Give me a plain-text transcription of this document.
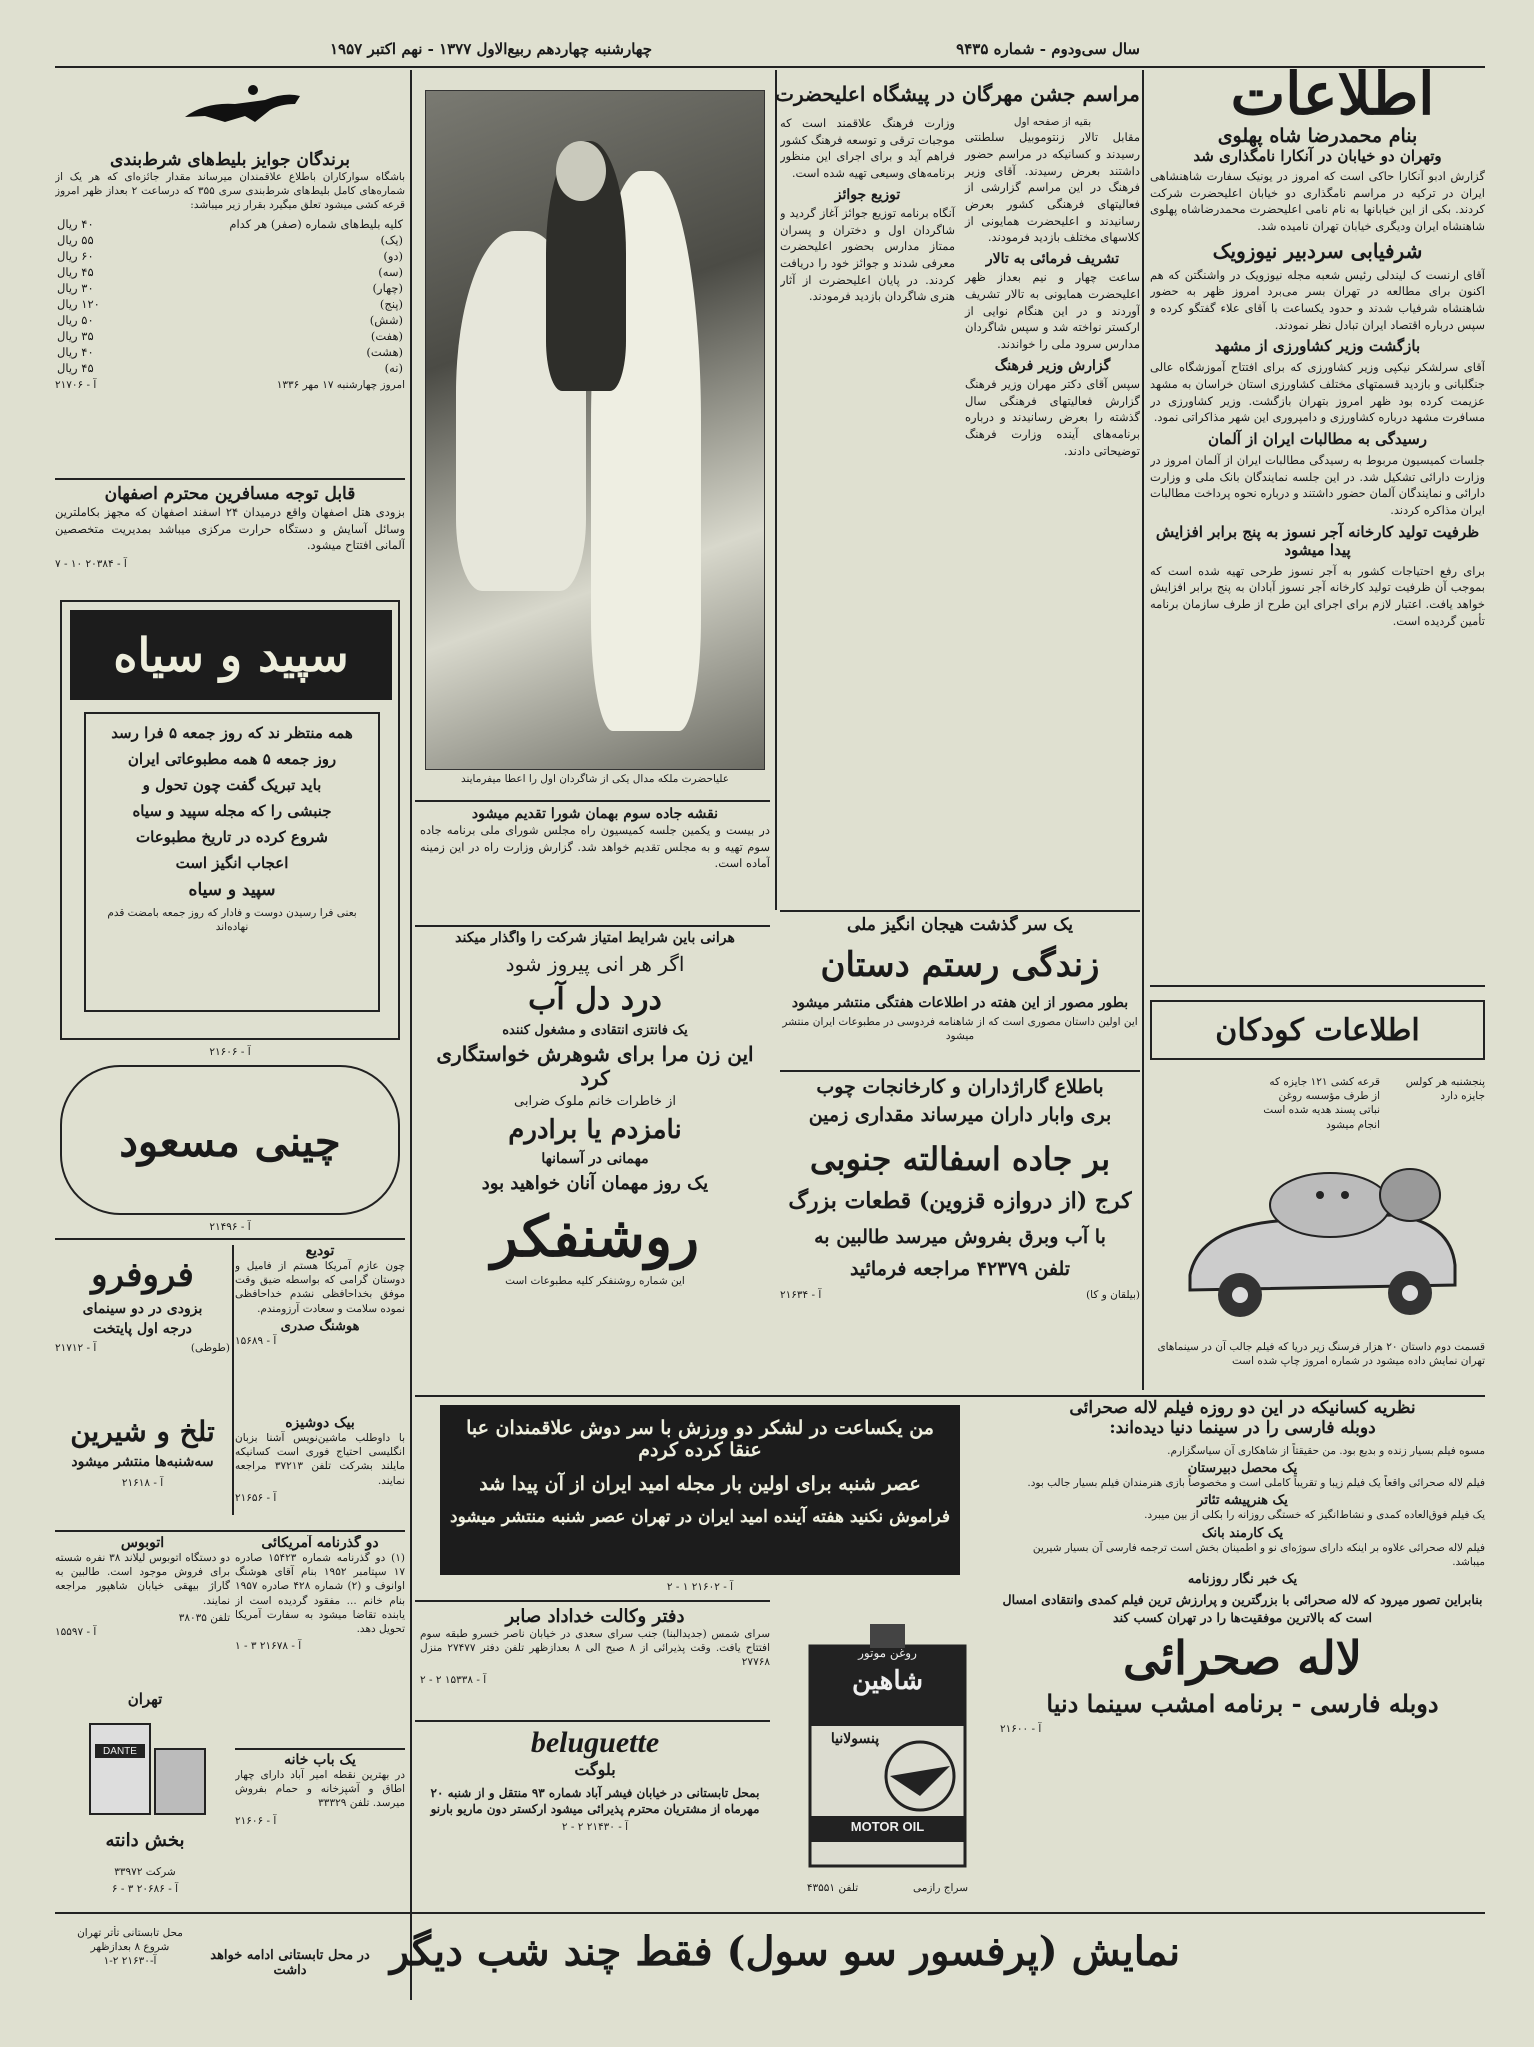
چهارشنبه چهاردهم ربیع‌الاول ۱۳۷۷ - نهم اکتبر ۱۹۵۷	سال سی‌ودوم - شماره ۹۴۳۵
اطلاعات
بنام محمدرضا شاه پهلوی
وتهران دو خیابان در آنکارا نامگذاری شد

گزارش ادبو آنکارا حاکی است که امروز در یونیک سفارت شاهنشاهی ایران در ترکیه در مراسم نامگذاری دو خیابان اعلیحضرت شرکت کردند. بکی از این خیابانها به نام نامی اعلیحضرت محمدرضاشاه پهلوی شاهنشاه ایران ودیگری خیابان تهران نامیده شد.

شرفیابی سردبیر نیوزویک

آقای ارنست ک لیندلی رئیس شعبه مجله نیوزویک در واشنگتن که هم‌ اکنون برای مطالعه در تهران بسر می‌برد امروز ظهر به حضور شاهنشاه شرفیاب شدند و حدود یکساعت با آقای علاء گفتگو کرده و سپس درباره اقتصاد ایران تبادل نظر نمودند.

بازگشت وزیر کشاورزی از مشهد

آقای سرلشکر نیکپی وزیر کشاورزی که برای افتتاح آموزشگاه عالی جنگلبانی و بازدید قسمتهای مختلف کشاورزی استان خراسان به مشهد عزیمت کرده بود ظهر امروز بتهران بازگشت. وزیر کشاورزی در مسافرت مشهد درباره کشاورزی و دامپروری این شهر مذاکراتی نمود.

رسیدگی به مطالبات ایران از آلمان

جلسات کمیسیون مربوط به رسیدگی مطالبات ایران از آلمان امروز در وزارت دارائی تشکیل شد. در این جلسه نمایندگان بانک ملی و وزارت دارائی و نمایندگان آلمان حضور داشتند و درباره نحوه پرداخت مطالبات ایران مذاکره کردند.

ظرفیت تولید کارخانه آجر نسوز به پنج برابر افزایش پیدا میشود

برای رفع احتیاجات کشور به آجر نسوز طرحی تهیه شده است که بموجب آن ظرفیت تولید کارخانه آجر نسوز آبادان به پنج برابر افزایش خواهد یافت. اعتبار لازم برای اجرای این طرح از طرف سازمان برنامه تأمین گردیده است.

اطلاعات کودکان
قرعه کشی ۱۲۱ جایزه که از طرف مؤسسه روغن نباتی پسند هدیه شده است انجام میشود
پنجشنبه هر کولس جایزه دارد
قسمت دوم داستان ۲۰ هزار فرسنگ زیر دریا که فیلم جالب آن در سینماهای تهران نمایش داده میشود در شماره امروز چاپ شده است
علیاحضرت ملکه مدال یکی از شاگردان اول را اعطا میفرمایند
مراسم جشن مهرگان در پیشگاه اعلیحضرت
بقیه از صفحه اول

مقابل تالار زنتوموبیل سلطنتی رسیدند و کسانیکه در مراسم حضور داشتند بعرض رسیدند. آقای وزیر فرهنگ در این مراسم گزارشی از فعالیتهای فرهنگی کشور بعرض رسانیدند و اعلیحضرت همایونی از کلاسهای مختلف بازدید فرمودند.

تشریف فرمائی به تالار

ساعت چهار و نیم بعداز ظهر اعلیحضرت همایونی به تالار تشریف آوردند و در این هنگام نوایی از ارکستر نواخته شد و سپس شاگردان مدارس سرود ملی را خواندند.

گزارش وزیر فرهنگ

سپس آقای دکتر مهران وزیر فرهنگ گزارش فعالیتهای فرهنگی سال گذشته را بعرض رسانیدند و درباره برنامه‌های آینده وزارت فرهنگ توضیحاتی دادند.

وزارت فرهنگ علاقمند است که موجبات ترقی و توسعه فرهنگ کشور فراهم آید و برای اجرای این منظور برنامه‌های وسیعی تهیه شده است.

توزیع جوائز

آنگاه برنامه توزیع جوائز آغاز گردید و شاگردان اول و دختران و پسران ممتاز مدارس بحضور اعلیحضرت معرفی شدند و جوائز خود را دریافت کردند. در پایان اعلیحضرت از آثار هنری شاگردان بازدید فرمودند.

نقشه جاده سوم بهمان شورا تقدیم میشود

در بیست و یکمین جلسه کمیسیون راه مجلس شورای ملی برنامه جاده سوم تهیه و به مجلس تقدیم خواهد شد. گزارش وزارت راه در این زمینه آماده است.

یک سر گذشت هیجان انگیز ملی
زندگی رستم دستان
بطور مصور از این هفته در اطلاعات هفتگی منتشر میشود
این اولین داستان مصوری است که از شاهنامه فردوسی در مطبوعات ایران منتشر میشود
هرانی باین شرایط امتیاز شرکت را واگذار میکند
اگر هر انی پیروز شود
درد دل آب
یک فانتزی انتقادی و مشغول کننده
این زن مرا برای شوهرش خواستگاری کرد
از خاطرات خانم ملوک ضرابی
نامزدم یا برادرم
مهمانی در آسمانها
یک روز مهمان آنان خواهید بود
روشنفکر
این شماره روشنفکر کلیه مطبوعات است
باطلاع گاراژداران و کارخانجات چوب
بری وابار داران میرساند مقداری زمین
بر جاده اسفالته جنوبی
کرج (از دروازه قزوین) قطعات بزرگ
با آب وبرق بفروش میرسد طالبین به
تلفن ۴۲۳۷۹ مراجعه فرمائید
(بیلقان و کا)
آ - ۲۱۶۳۴
برندگان جوایز بلیط‌های شرط‌بندی

باشگاه سوارکاران باطلاع علاقمندان میرساند مقدار جائزه‌ای که هر یک از شماره‌های کامل بلیط‌های شرط‌بندی سری ۳۵۵ که درساعت ۲ بعداز ظهر امروز قرعه کشی میشود تعلق میگیرد بقرار زیر میباشد:

کلیه بلیط‌های شماره (صفر) هر کدام	۴۰ ریال
(یک)	۵۵ ریال
(دو)	۶۰ ریال
(سه)	۴۵ ریال
(چهار)	۳۰ ریال
(پنج)	۱۲۰ ریال
(شش)	۵۰ ریال
(هفت)	۳۵ ریال
(هشت)	۴۰ ریال
(نه)	۴۵ ریال
امروز چهارشنبه ۱۷ مهر ۱۳۳۶
آ - ۲۱۷۰۶
قابل توجه مسافرین محترم اصفهان

بزودی هتل اصفهان واقع درمیدان ۲۴ اسفند اصفهان که مجهز بکاملترین وسائل آسایش و دستگاه حرارت مرکزی میباشد بمدیریت متخصصین آلمانی افتتاح میشود.

آ - ۲۰۳۸۴ ۱۰ - ۷
سپید و سیاه
همه منتظر ند که روز جمعه ۵ فرا رسد
روز جمعه ۵ همه مطبوعاتی ایران
باید تبریک گفت چون تحول و
جنبشی را که مجله سپید و سیاه
شروع کرده در تاریخ مطبوعات
اعجاب انگیز است
سپید و سیاه
بعنی فرا رسیدن دوست و فادار که روز جمعه بامضت قدم نهاده‌اند
آ - ۲۱۶۰۶
چینی مسعود
آ - ۲۱۴۹۶
تودیع

چون عازم آمریکا هستم از فامیل و دوستان گرامی که بواسطه ضیق وقت موفق بخداحافظی نشدم خداحافظی نموده سلامت و سعادت آرزومندم.

هوشنگ صدری
آ - ۱۵۶۸۹
فروفرو
بزودی در دو سینمای
درجه اول پایتخت
(طوطی)
آ - ۲۱۷۱۲
بیک دوشیزه

با داوطلب ماشین‌نویس آشنا بزبان انگلیسی احتیاج فوری است کسانیکه مایلند بشرکت تلفن ۳۷۲۱۳ مراجعه نمایند.

آ - ۲۱۶۵۶
تلخ و شیرین
سه‌شنبه‌ها منتشر میشود
آ - ۲۱۶۱۸
دو گذرنامه آمریکائی

(۱) دو گذرنامه شماره ۱۵۴۲۳ صادره ۱۷ سپتامبر ۱۹۵۲ بنام آقای هوشنگ اوانوف و (۲) شماره ۴۲۸ صادره ۱۹۵۷ بنام خانم ... مفقود گردیده است از یابنده تقاضا میشود به سفارت آمریکا تحویل دهد.

آ - ۲۱۶۷۸ ۳ - ۱
اتوبوس

دو دستگاه اتوبوس لیلاند ۳۸ نفره شسته برای فروش موجود است. طالبین به گاراژ بیهقی خیابان شاهپور مراجعه نمایند.

تلفن ۳۸۰۳۵
آ - ۱۵۵۹۷
تهران
DANTE
بخش دانته
شرکت ۳۳۹۷۲
آ - ۲۰۶۸۶ ۳ - ۶
یک باب خانه

در بهترین نقطه امیر آباد دارای چهار اطاق و آشپزخانه و حمام بفروش میرسد. تلفن ۳۳۳۲۹

آ - ۲۱۶۰۶
من یکساعت در لشکر دو ورزش با سر دوش علاقمندان عبا عنقا کرده کردم
عصر شنبه برای اولین بار مجله امید ایران از آن پیدا شد
فراموش نکنید هفته آینده امید ایران در تهران عصر شنبه منتشر میشود
آ - ۲۱۶۰۲ ۱ - ۲
دفتر وکالت خداداد صابر

سرای شمس (جدیدالبنا) جنب سرای سعدی در خیابان ناصر خسرو طبقه سوم افتتاح یافت. وقت پذیرائی از ۸ صبح الی ۸ بعدازظهر تلفن دفتر ۲۷۴۷۷ منزل ۲۷۷۶۸

آ - ۱۵۳۳۸ ۲ - ۲
beluguette
بلوگت

بمحل تابستانی در خیابان فیشر آباد شماره ۹۳ منتقل و از شنبه ۲۰ مهرماه از مشتریان محترم پذیرائی میشود ارکستر دون ماریو بارنو

آ - ۲۱۴۳۰ ۲ - ۲
روغن موتور
شاهین
پنسولانیا
MOTOR OIL
تلفن ۴۳۵۵۱	سراج رازمی
نظریه کسانیکه در این دو روزه فیلم لاله صحرائی
دوبله فارسی را در سینما دنیا دیده‌اند:

مسوه فیلم بسیار زنده و بدیع بود. من حقیقتاً از شاهکاری آن سیاسگزارم.

یک محصل دبیرستان

فیلم لاله صحرائی واقعاً یک فیلم زیبا و تقریباً کاملی است و مخصوصاً بازی هنرمندان فیلم بسیار جالب بود.

یک هنرپیشه تئاتر

یک فیلم فوق‌العاده کمدی و نشاط‌انگیز که خستگی روزانه را بکلی از بین میبرد.

یک کارمند بانک

فیلم لاله صحرائی علاوه بر اینکه دارای سوژه‌ای نو و اطمینان بخش است ترجمه فارسی آن بسیار شیرین میباشد.

یک خبر نگار روزنامه

بنابراین تصور میرود که لاله صحرائی با بزرگترین و پرارزش ترین فیلم کمدی وانتقادی امسال است که بالاترین موفقیت‌ها را در تهران کسب کند

لاله صحرائی
دوبله فارسی - برنامه امشب سینما دنیا
آ - ۲۱۶۰۰
نمایش (پرفسور سو سول) فقط چند شب دیگر
در محل تابستانی ادامه خواهد داشت
محل تابستانی تأتر تهران
شروع ۸ بعدازظهر
آ-۲۱۶۳۰ ۲-۱
